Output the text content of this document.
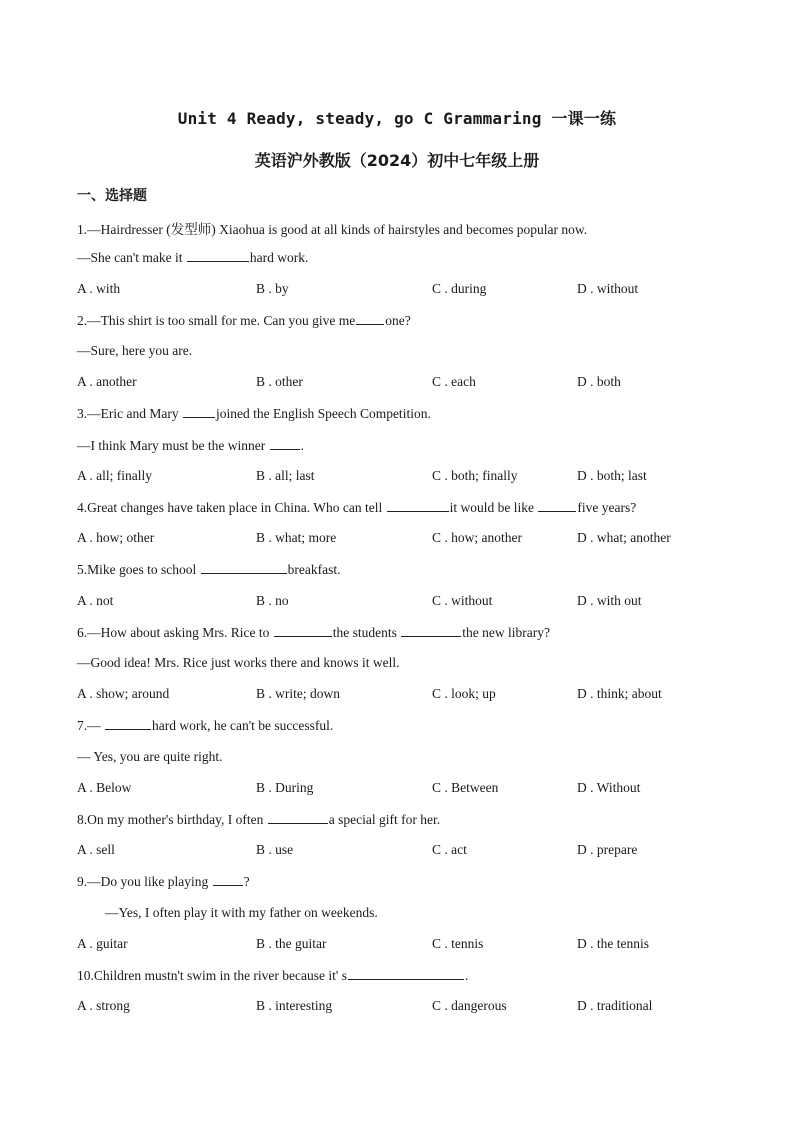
Unit 4 Ready, steady, go C Grammaring 一课一练
英语沪外教版（2024）初中七年级上册
一、选择题
1.—Hairdresser (发型师) Xiaohua is good at all kinds of hairstyles and becomes popular now.
—She can't make it	hard work.
A . with	B . by	C . during	D . without
2.—This shirt is too small for me. Can you give me one?
—Sure, here you are.
A . another	B . other	C . each	D . both
3.—Eric and Mary	joined the English Speech Competition.
—I think Mary must be the winner .
A . all; finally	B . all; last	C . both; finally	D . both; last
4.Great changes have taken place in China. Who can tell	it would be like	five years?
A . how; other	B . what; more	C . how; another	D . what; another
5.Mike goes to school	breakfast.
A . not	B . no	C . without	D . with out
6.—How about asking Mrs. Rice to	the students	the new library?
—Good idea! Mrs. Rice just works there and knows it well.
A . show; around	B . write; down	C . look; up	D . think; about
7.—	hard work, he can't be successful.
— Yes, you are quite right.
A . Below	B . During	C . Between	D . Without
8.On my mother's birthday, I often	a special gift for her.
A . sell	B . use	C . act	D . prepare
9.—Do you like playing ?
—Yes, I often play it with my father on weekends.
A . guitar	B . the guitar	C . tennis	D . the tennis
10.Children mustn't swim in the river because it' s	.
A . strong	B . interesting	C . dangerous	D . traditional
